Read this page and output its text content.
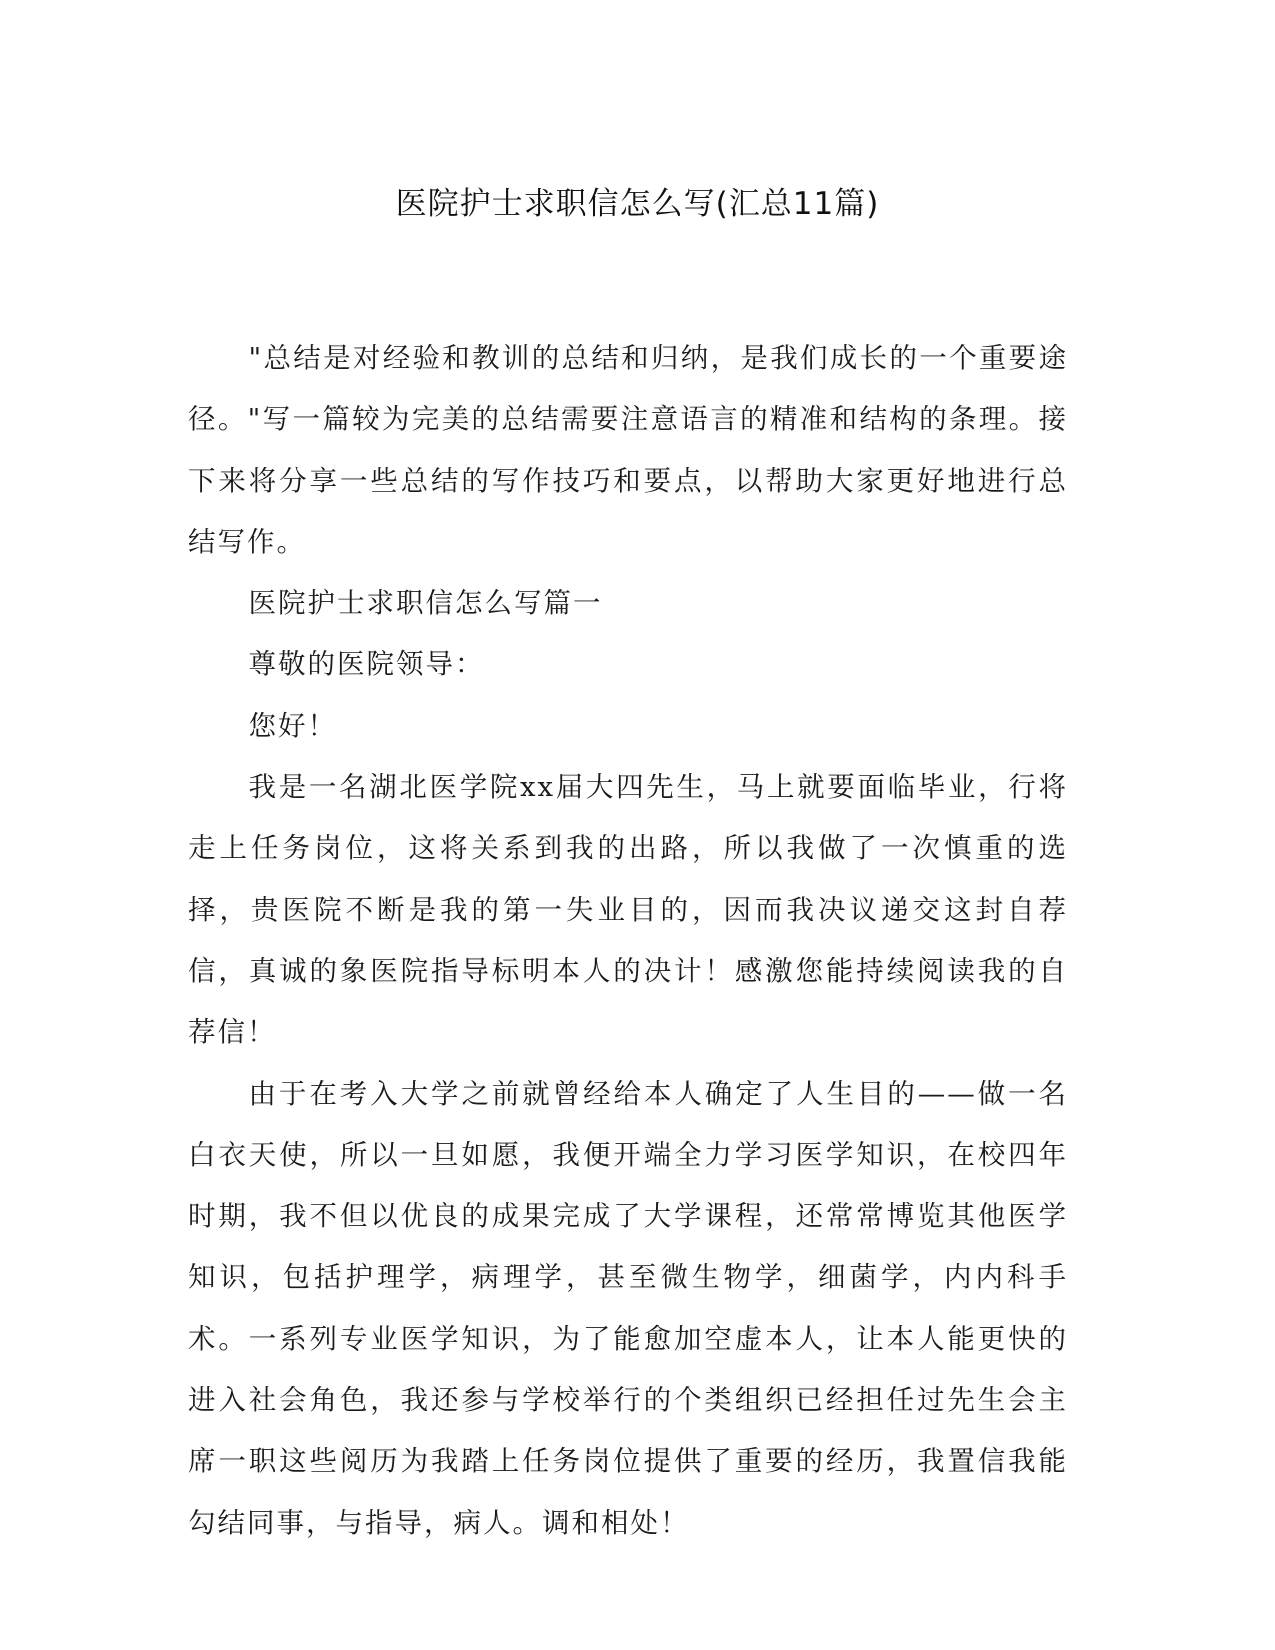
医院护士求职信怎么写(汇总11篇)

"总结是对经验和教训的总结和归纳，是我们成长的一个重要途径。"写一篇较为完美的总结需要注意语言的精准和结构的条理。接下来将分享一些总结的写作技巧和要点，以帮助大家更好地进行总结写作。

医院护士求职信怎么写篇一

尊敬的医院领导：

您好！

我是一名湖北医学院xx届大四先生，马上就要面临毕业，行将走上任务岗位，这将关系到我的出路，所以我做了一次慎重的选择，贵医院不断是我的第一失业目的，因而我决议递交这封自荐信，真诚的象医院指导标明本人的决计！感激您能持续阅读我的自荐信！

由于在考入大学之前就曾经给本人确定了人生目的——做一名白衣天使，所以一旦如愿，我便开端全力学习医学知识，在校四年时期，我不但以优良的成果完成了大学课程，还常常博览其他医学知识，包括护理学，病理学，甚至微生物学，细菌学，内内科手术。一系列专业医学知识，为了能愈加空虚本人，让本人能更快的进入社会角色，我还参与学校举行的个类组织已经担任过先生会主席一职这些阅历为我踏上任务岗位提供了重要的经历，我置信我能勾结同事，与指导，病人。调和相处！
